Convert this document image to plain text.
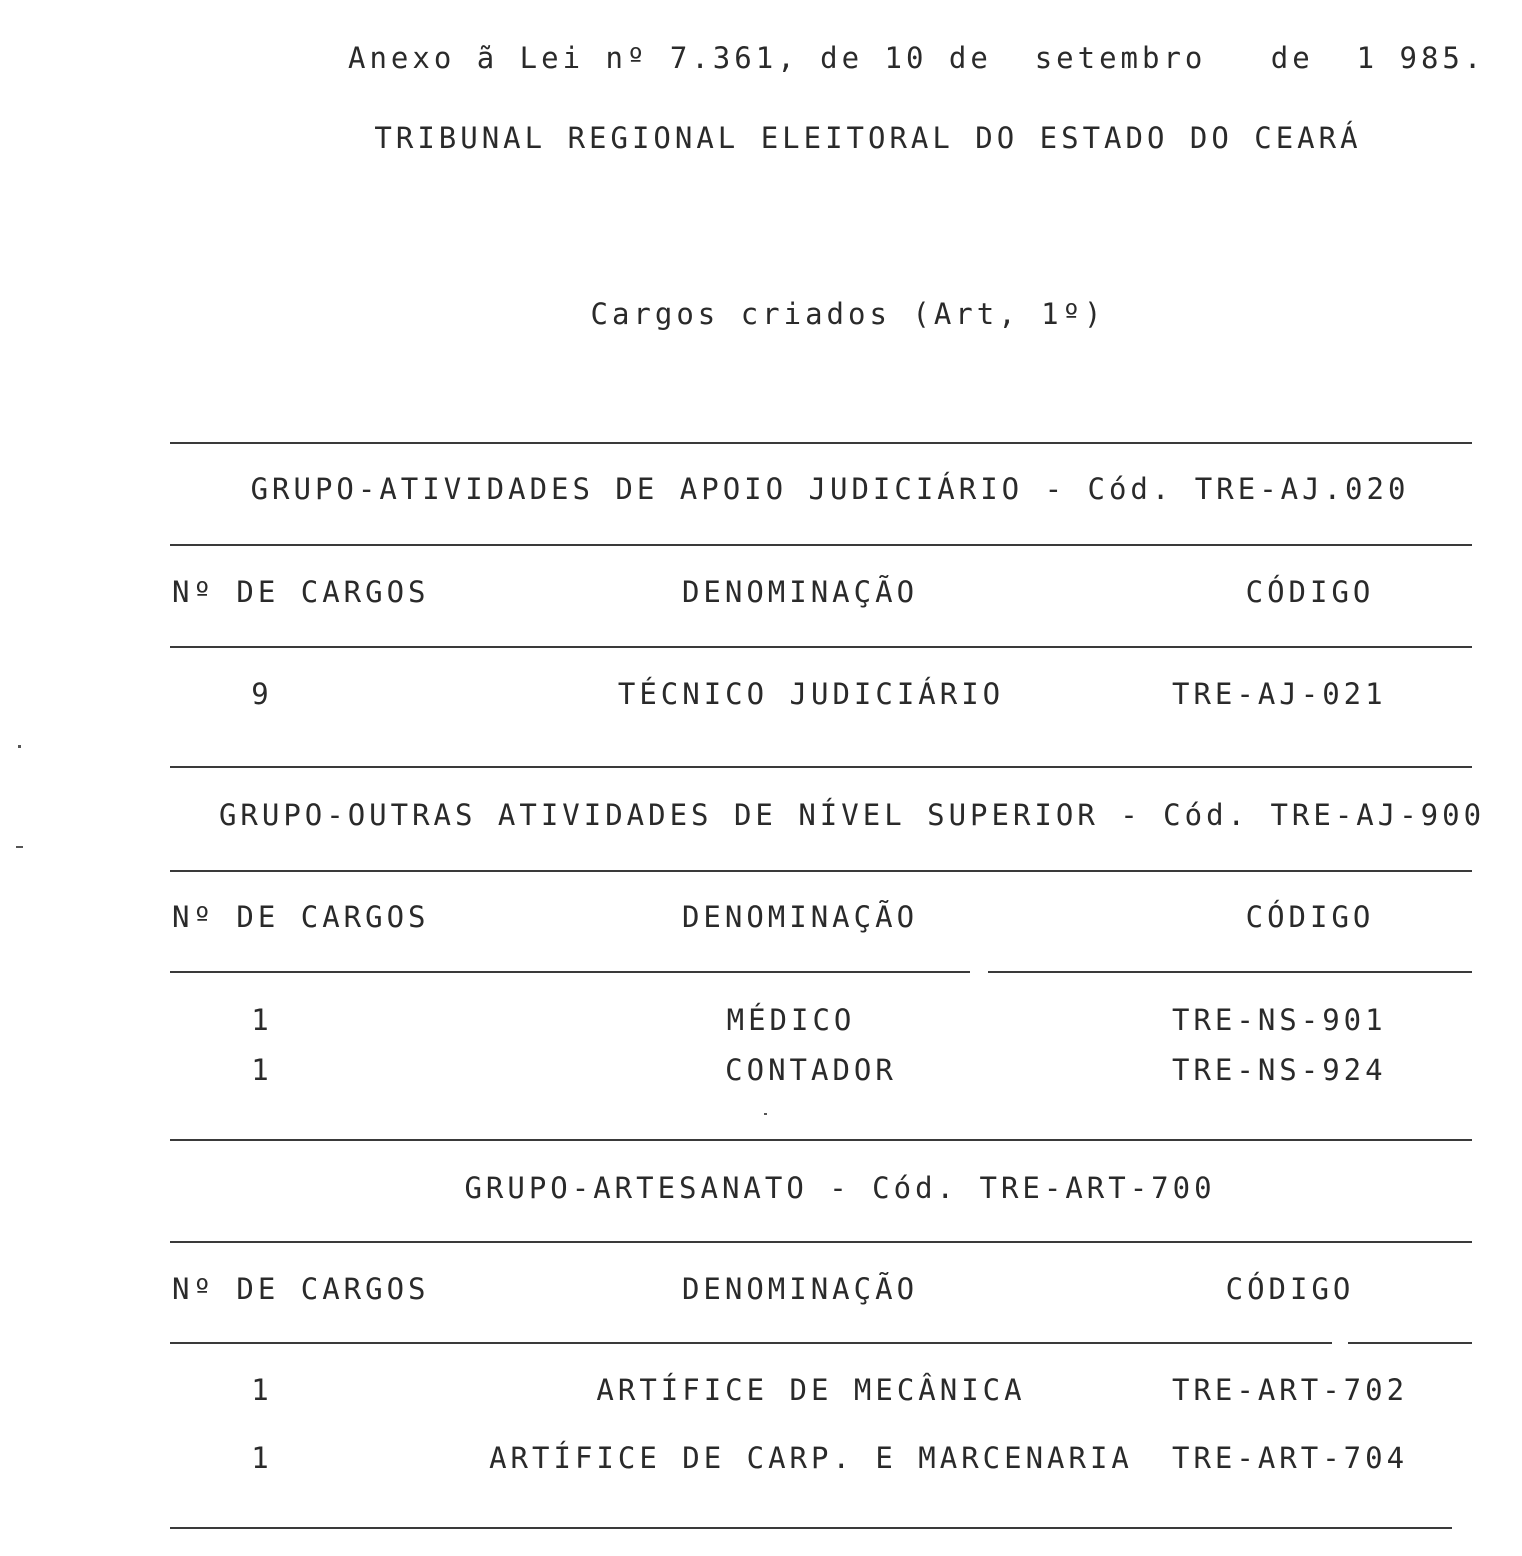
Anexo ã Lei nº 7.361, de 10 de  setembro   de  1 985.
TRIBUNAL REGIONAL ELEITORAL DO ESTADO DO CEARÁ
Cargos criados (Art, 1º)
GRUPO-ATIVIDADES DE APOIO JUDICIÁRIO - Cód. TRE-AJ.020
Nº DE CARGOS	DENOMINAÇÃO	CÓDIGO
9	TÉCNICO JUDICIÁRIO	TRE-AJ-021
GRUPO-OUTRAS ATIVIDADES DE NÍVEL SUPERIOR - Cód. TRE-AJ-900
Nº DE CARGOS	DENOMINAÇÃO	CÓDIGO
1	MÉDICO	TRE-NS-901
1	CONTADOR	TRE-NS-924
GRUPO-ARTESANATO - Cód. TRE-ART-700
Nº DE CARGOS	DENOMINAÇÃO	CÓDIGO
1	ARTÍFICE DE MECÂNICA	TRE-ART-702
1	ARTÍFICE DE CARP. E MARCENARIA TRE-ART-704
